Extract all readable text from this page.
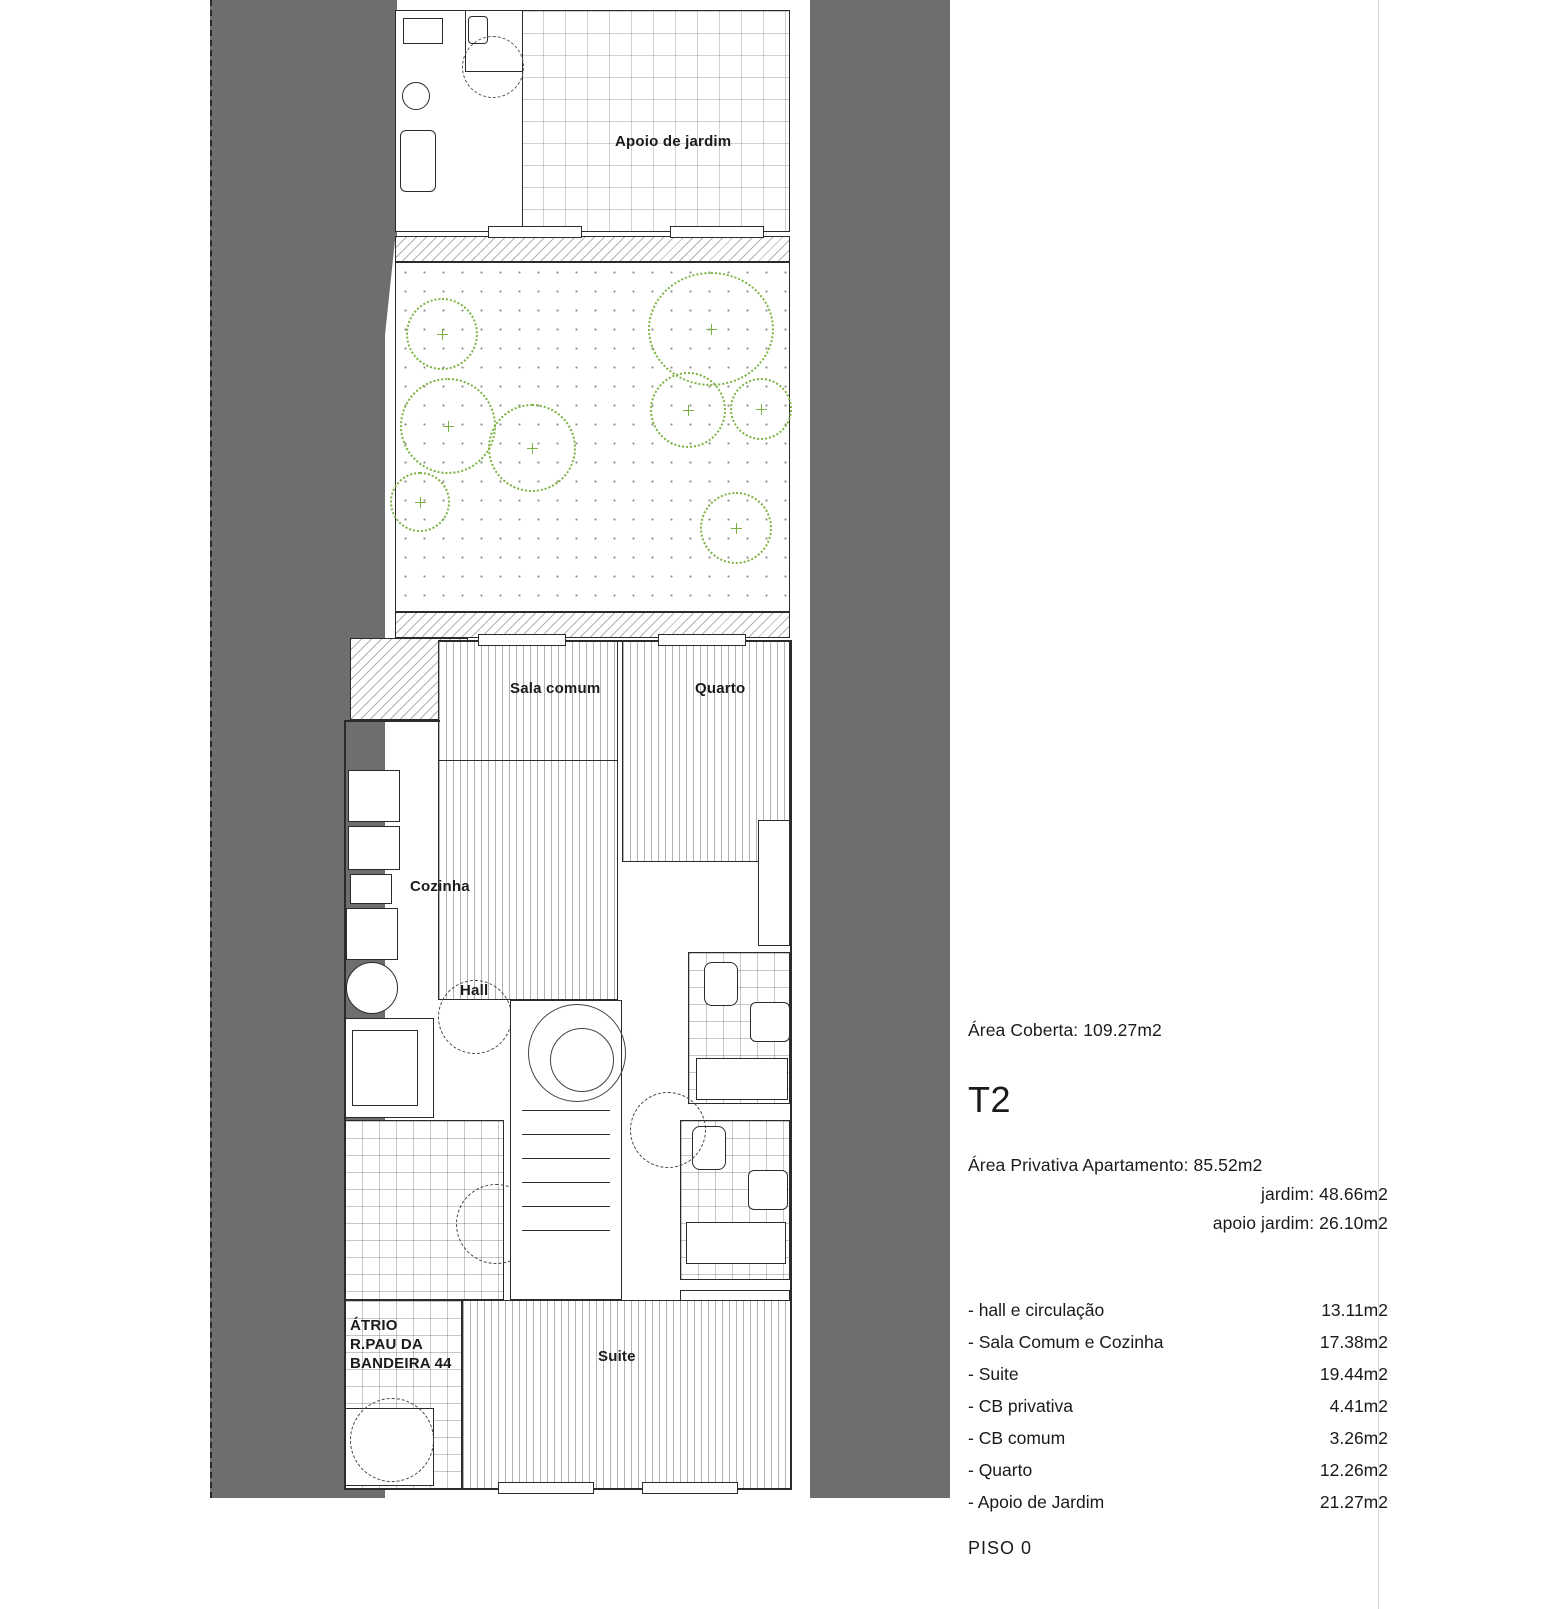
Apoio de jardim
Sala comum	Quarto
Cozinha
Hall
Suite
ÁTRIO
R.PAU DA
BANDEIRA 44

Área Coberta: 109.27m2

T2

Área Privativa Apartamento: 85.52m2

jardim: 48.66m2

apoio jardim: 26.10m2

- hall e circulação	13.11m2
- Sala Comum e Cozinha	17.38m2
- Suite	19.44m2
- CB privativa	4.41m2
- CB comum	3.26m2
- Quarto	12.26m2
- Apoio de Jardim	21.27m2
PISO 0
